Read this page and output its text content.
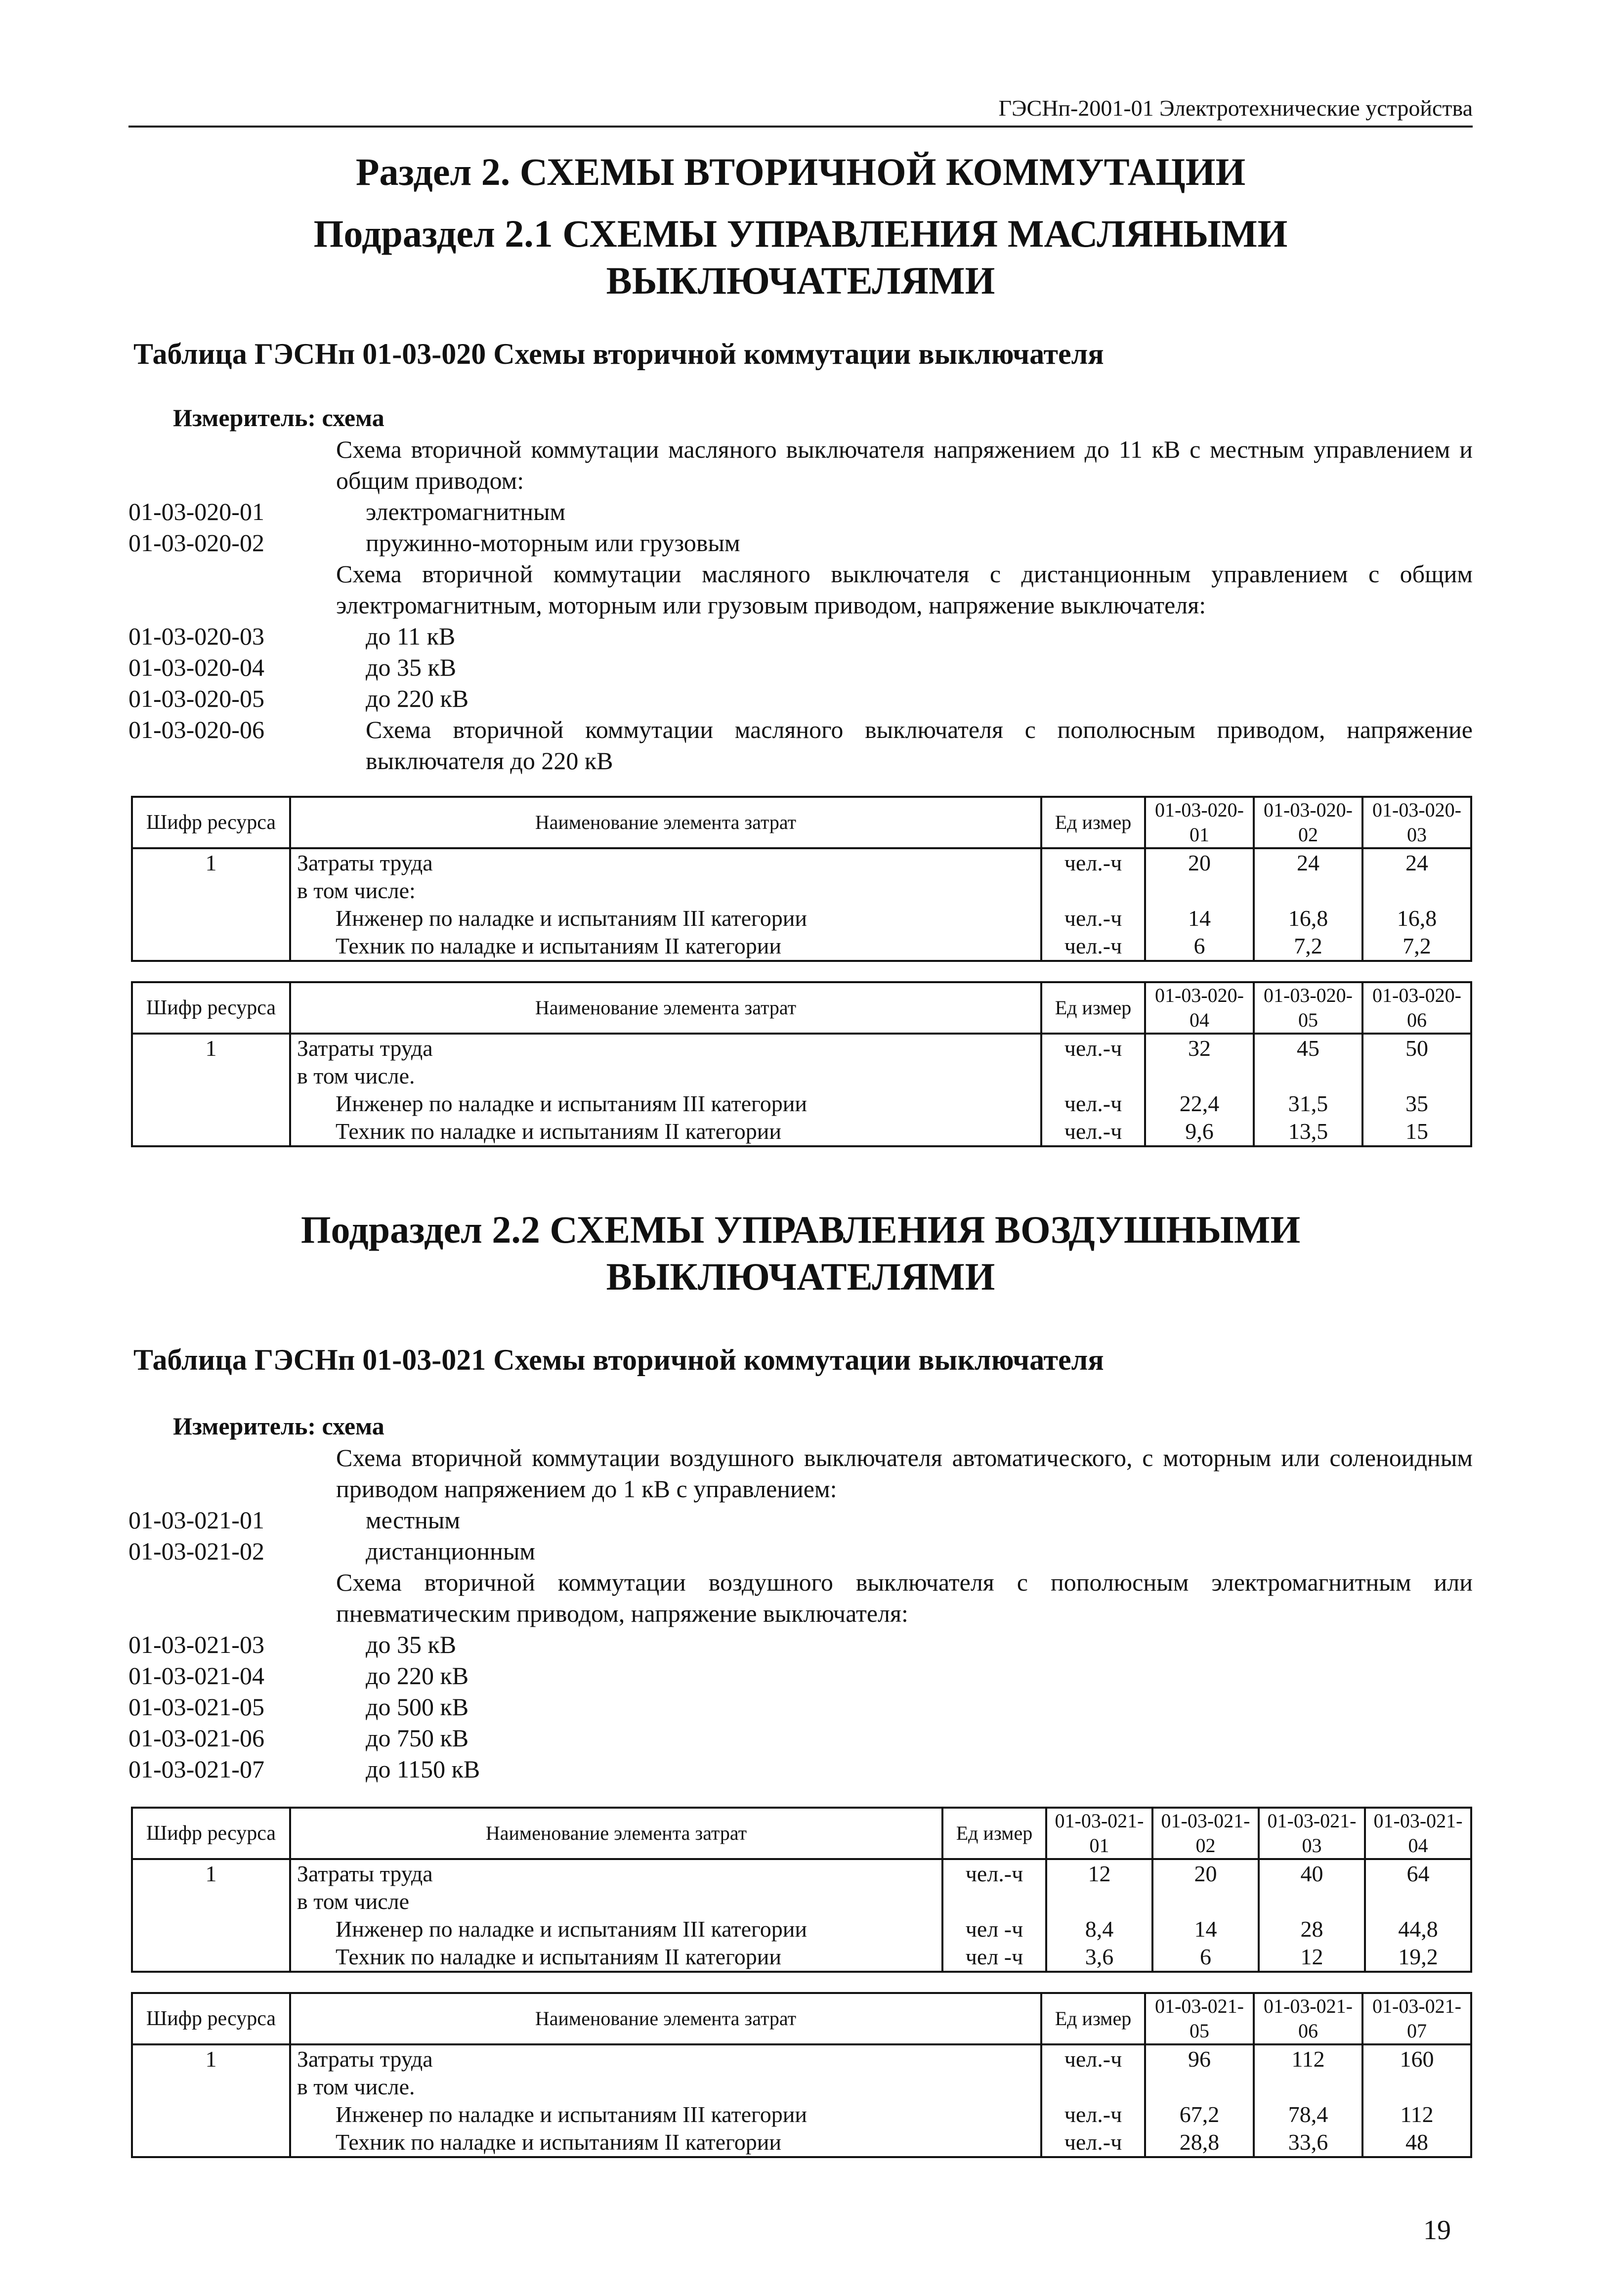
ГЭСНп-2001-01 Электротехнические устройства
Раздел 2. СХЕМЫ ВТОРИЧНОЙ КОММУТАЦИИ
Подраздел 2.1 СХЕМЫ УПРАВЛЕНИЯ МАСЛЯНЫМИ
ВЫКЛЮЧАТЕЛЯМИ
Таблица ГЭСНп 01-03-020 Схемы вторичной коммутации выключателя
Измеритель: схема
Схема вторичной коммутации масляного выключателя напряжением до 11 кВ с местным управлением и общим приводом:
01-03-020-01	электромагнитным
01-03-020-02	пружинно-моторным или грузовым
Схема вторичной коммутации масляного выключателя с дистанционным управлением с общим электромагнитным, моторным или грузовым приводом, напряжение выключателя:
01-03-020-03	до 11 кВ
01-03-020-04	до 35 кВ
01-03-020-05	до 220 кВ
01-03-020-06	Схема вторичной коммутации масляного выключателя с пополюсным приводом, напряжение выключателя до 220 кВ
Шифр ресурса	Наименование элемента затрат	Ед измер	01-03-020-01	01-03-020-02	01-03-020-03
1	Затраты труда	чел.-ч	20	24	24
	в том числе:				
	Инженер по наладке и испытаниям III категории	чел.-ч	14	16,8	16,8
	Техник по наладке и испытаниям II категории	чел.-ч	6	7,2	7,2
Шифр ресурса	Наименование элемента затрат	Ед измер	01-03-020-04	01-03-020-05	01-03-020-06
1	Затраты труда	чел.-ч	32	45	50
	в том числе.				
	Инженер по наладке и испытаниям III категории	чел.-ч	22,4	31,5	35
	Техник по наладке и испытаниям II категории	чел.-ч	9,6	13,5	15
Подраздел 2.2 СХЕМЫ УПРАВЛЕНИЯ ВОЗДУШНЫМИ
ВЫКЛЮЧАТЕЛЯМИ
Таблица ГЭСНп 01-03-021 Схемы вторичной коммутации выключателя
Измеритель: схема
Схема вторичной коммутации воздушного выключателя автоматического, с моторным или соленоидным приводом напряжением до 1 кВ с управлением:
01-03-021-01	местным
01-03-021-02	дистанционным
Схема вторичной коммутации воздушного выключателя с пополюсным электромагнитным или пневматическим приводом, напряжение выключателя:
01-03-021-03	до 35 кВ
01-03-021-04	до 220 кВ
01-03-021-05	до 500 кВ
01-03-021-06	до 750 кВ
01-03-021-07	до 1150 кВ
Шифр ресурса	Наименование элемента затрат	Ед измер	01-03-021-01	01-03-021-02	01-03-021-03	01-03-021-04
1	Затраты труда	чел.-ч	12	20	40	64
	в том числе					
	Инженер по наладке и испытаниям III категории	чел -ч	8,4	14	28	44,8
	Техник по наладке и испытаниям II категории	чел -ч	3,6	6	12	19,2
Шифр ресурса	Наименование элемента затрат	Ед измер	01-03-021-05	01-03-021-06	01-03-021-07
1	Затраты труда	чел.-ч	96	112	160
	в том числе.				
	Инженер по наладке и испытаниям III категории	чел.-ч	67,2	78,4	112
	Техник по наладке и испытаниям II категории	чел.-ч	28,8	33,6	48
19
